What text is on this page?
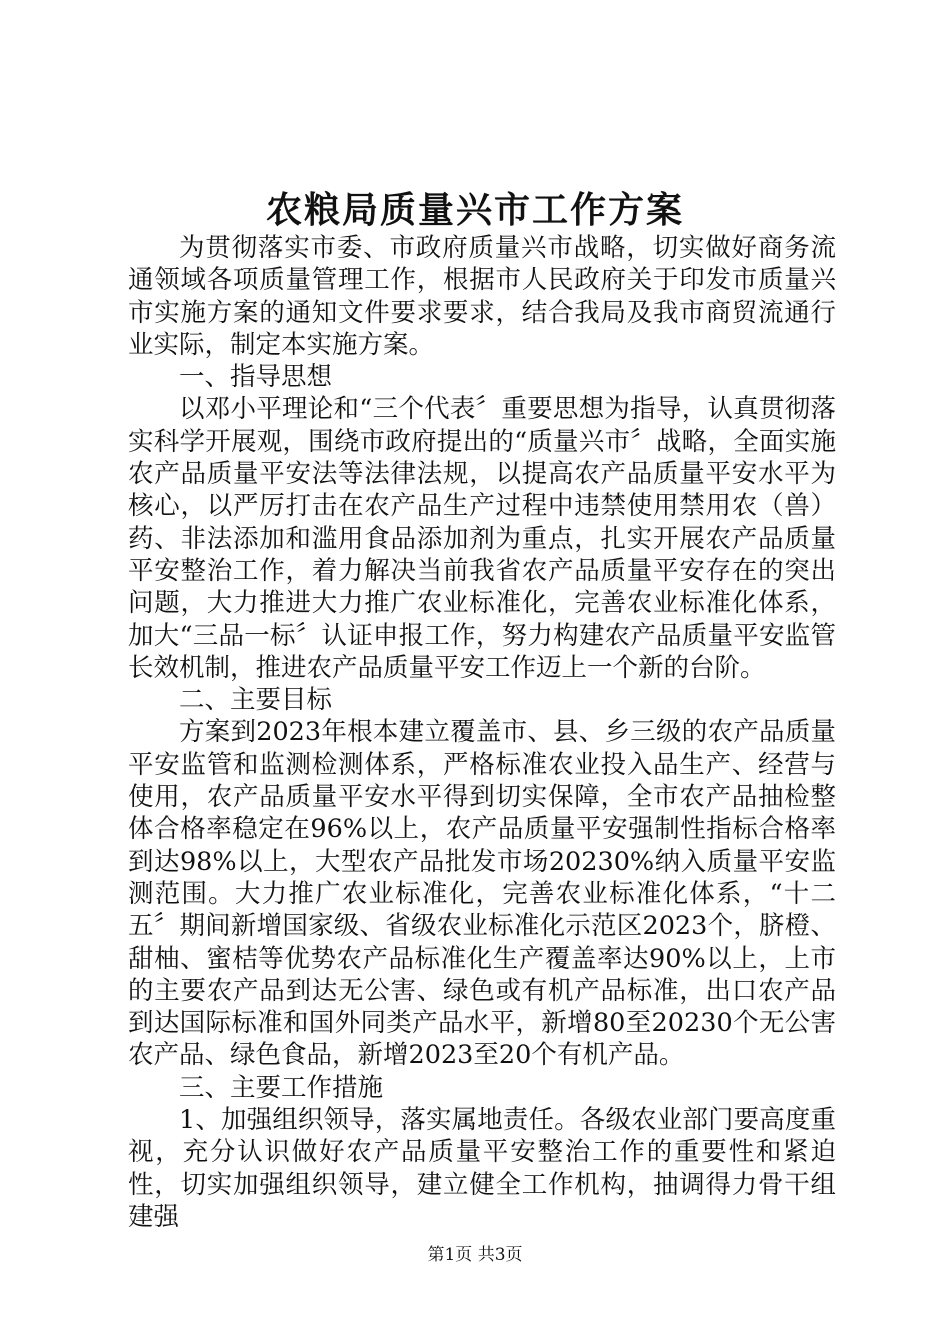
农粮局质量兴市工作方案

为贯彻落实市委、市政府质量兴市战略，切实做好商务流通领域各项质量管理工作，根据市人民政府关于印发市质量兴市实施方案的通知文件要求要求，结合我局及我市商贸流通行业实际，制定本实施方案。

一、指导思想

以邓小平理论和“三个代表〞重要思想为指导，认真贯彻落实科学开展观，围绕市政府提出的“质量兴市〞战略，全面实施农产品质量平安法等法律法规，以提高农产品质量平安水平为核心，以严厉打击在农产品生产过程中违禁使用禁用农（兽）药、非法添加和滥用食品添加剂为重点，扎实开展农产品质量平安整治工作，着力解决当前我省农产品质量平安存在的突出问题，大力推进大力推广农业标准化，完善农业标准化体系，加大“三品一标〞认证申报工作，努力构建农产品质量平安监管长效机制，推进农产品质量平安工作迈上一个新的台阶。

二、主要目标

方案到2023年根本建立覆盖市、县、乡三级的农产品质量平安监管和监测检测体系，严格标准农业投入品生产、经营与使用，农产品质量平安水平得到切实保障，全市农产品抽检整体合格率稳定在96%以上，农产品质量平安强制性指标合格率到达98%以上，大型农产品批发市场20230%纳入质量平安监测范围。大力推广农业标准化，完善农业标准化体系，“十二五〞期间新增国家级、省级农业标准化示范区2023个，脐橙、甜柚、蜜桔等优势农产品标准化生产覆盖率达90%以上，上市的主要农产品到达无公害、绿色或有机产品标准，出口农产品到达国际标准和国外同类产品水平，新增80至20230个无公害农产品、绿色食品，新增2023至20个有机产品。

三、主要工作措施

1、加强组织领导，落实属地责任。各级农业部门要高度重视，充分认识做好农产品质量平安整治工作的重要性和紧迫性，切实加强组织领导，建立健全工作机构，抽调得力骨干组建强

第1页 共3页
